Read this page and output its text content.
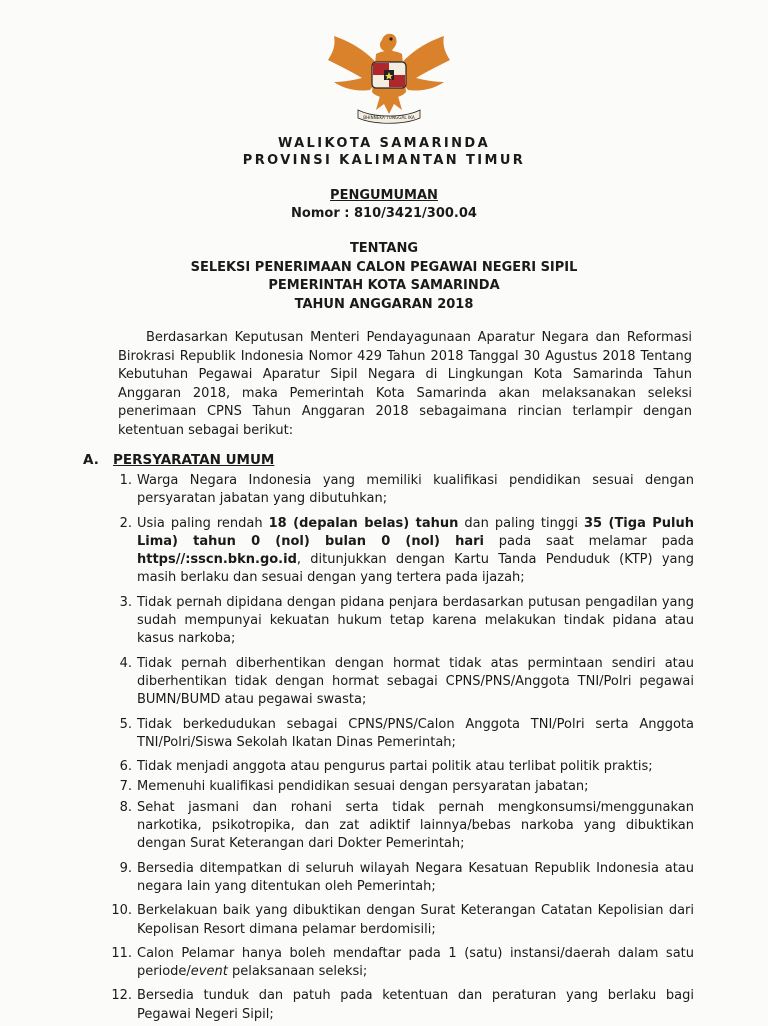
BHINNEKA TUNGGAL IKA
WALIKOTA SAMARINDA
PROVINSI KALIMANTAN TIMUR
PENGUMUMAN
Nomor : 810/3421/300.04
TENTANG
SELEKSI PENERIMAAN CALON PEGAWAI NEGERI SIPIL
PEMERINTAH KOTA SAMARINDA
TAHUN ANGGARAN 2018

Berdasarkan Keputusan Menteri Pendayagunaan Aparatur Negara dan Reformasi Birokrasi Republik Indonesia Nomor 429 Tahun 2018 Tanggal 30 Agustus 2018 Tentang Kebutuhan Pegawai Aparatur Sipil Negara di Lingkungan Kota Samarinda Tahun Anggaran 2018, maka Pemerintah Kota Samarinda akan melaksanakan seleksi penerimaan CPNS Tahun Anggaran 2018 sebagaimana rincian terlampir dengan ketentuan sebagai berikut:

A. PERSYARATAN UMUM
1. Warga Negara Indonesia yang memiliki kualifikasi pendidikan sesuai dengan persyaratan jabatan yang dibutuhkan;
2. Usia paling rendah 18 (depalan belas) tahun dan paling tinggi 35 (Tiga Puluh Lima) tahun 0 (nol) bulan 0 (nol) hari pada saat melamar pada https//:sscn.bkn.go.id, ditunjukkan dengan Kartu Tanda Penduduk (KTP) yang masih berlaku dan sesuai dengan yang tertera pada ijazah;
3. Tidak pernah dipidana dengan pidana penjara berdasarkan putusan pengadilan yang sudah mempunyai kekuatan hukum tetap karena melakukan tindak pidana atau kasus narkoba;
4. Tidak pernah diberhentikan dengan hormat tidak atas permintaan sendiri atau diberhentikan tidak dengan hormat sebagai CPNS/PNS/Anggota TNI/Polri pegawai BUMN/BUMD atau pegawai swasta;
5. Tidak berkedudukan sebagai CPNS/PNS/Calon Anggota TNI/Polri serta Anggota TNI/Polri/Siswa Sekolah Ikatan Dinas Pemerintah;
6. Tidak menjadi anggota atau pengurus partai politik atau terlibat politik praktis;
7. Memenuhi kualifikasi pendidikan sesuai dengan persyaratan jabatan;
8. Sehat jasmani dan rohani serta tidak pernah mengkonsumsi/menggunakan narkotika, psikotropika, dan zat adiktif lainnya/bebas narkoba yang dibuktikan dengan Surat Keterangan dari Dokter Pemerintah;
9. Bersedia ditempatkan di seluruh wilayah Negara Kesatuan Republik Indonesia atau negara lain yang ditentukan oleh Pemerintah;
10. Berkelakuan baik yang dibuktikan dengan Surat Keterangan Catatan Kepolisian dari Kepolisan Resort dimana pelamar berdomisili;
11. Calon Pelamar hanya boleh mendaftar pada 1 (satu) instansi/daerah dalam satu periode/event pelaksanaan seleksi;
12. Bersedia tunduk dan patuh pada ketentuan dan peraturan yang berlaku bagi Pegawai Negeri Sipil;
